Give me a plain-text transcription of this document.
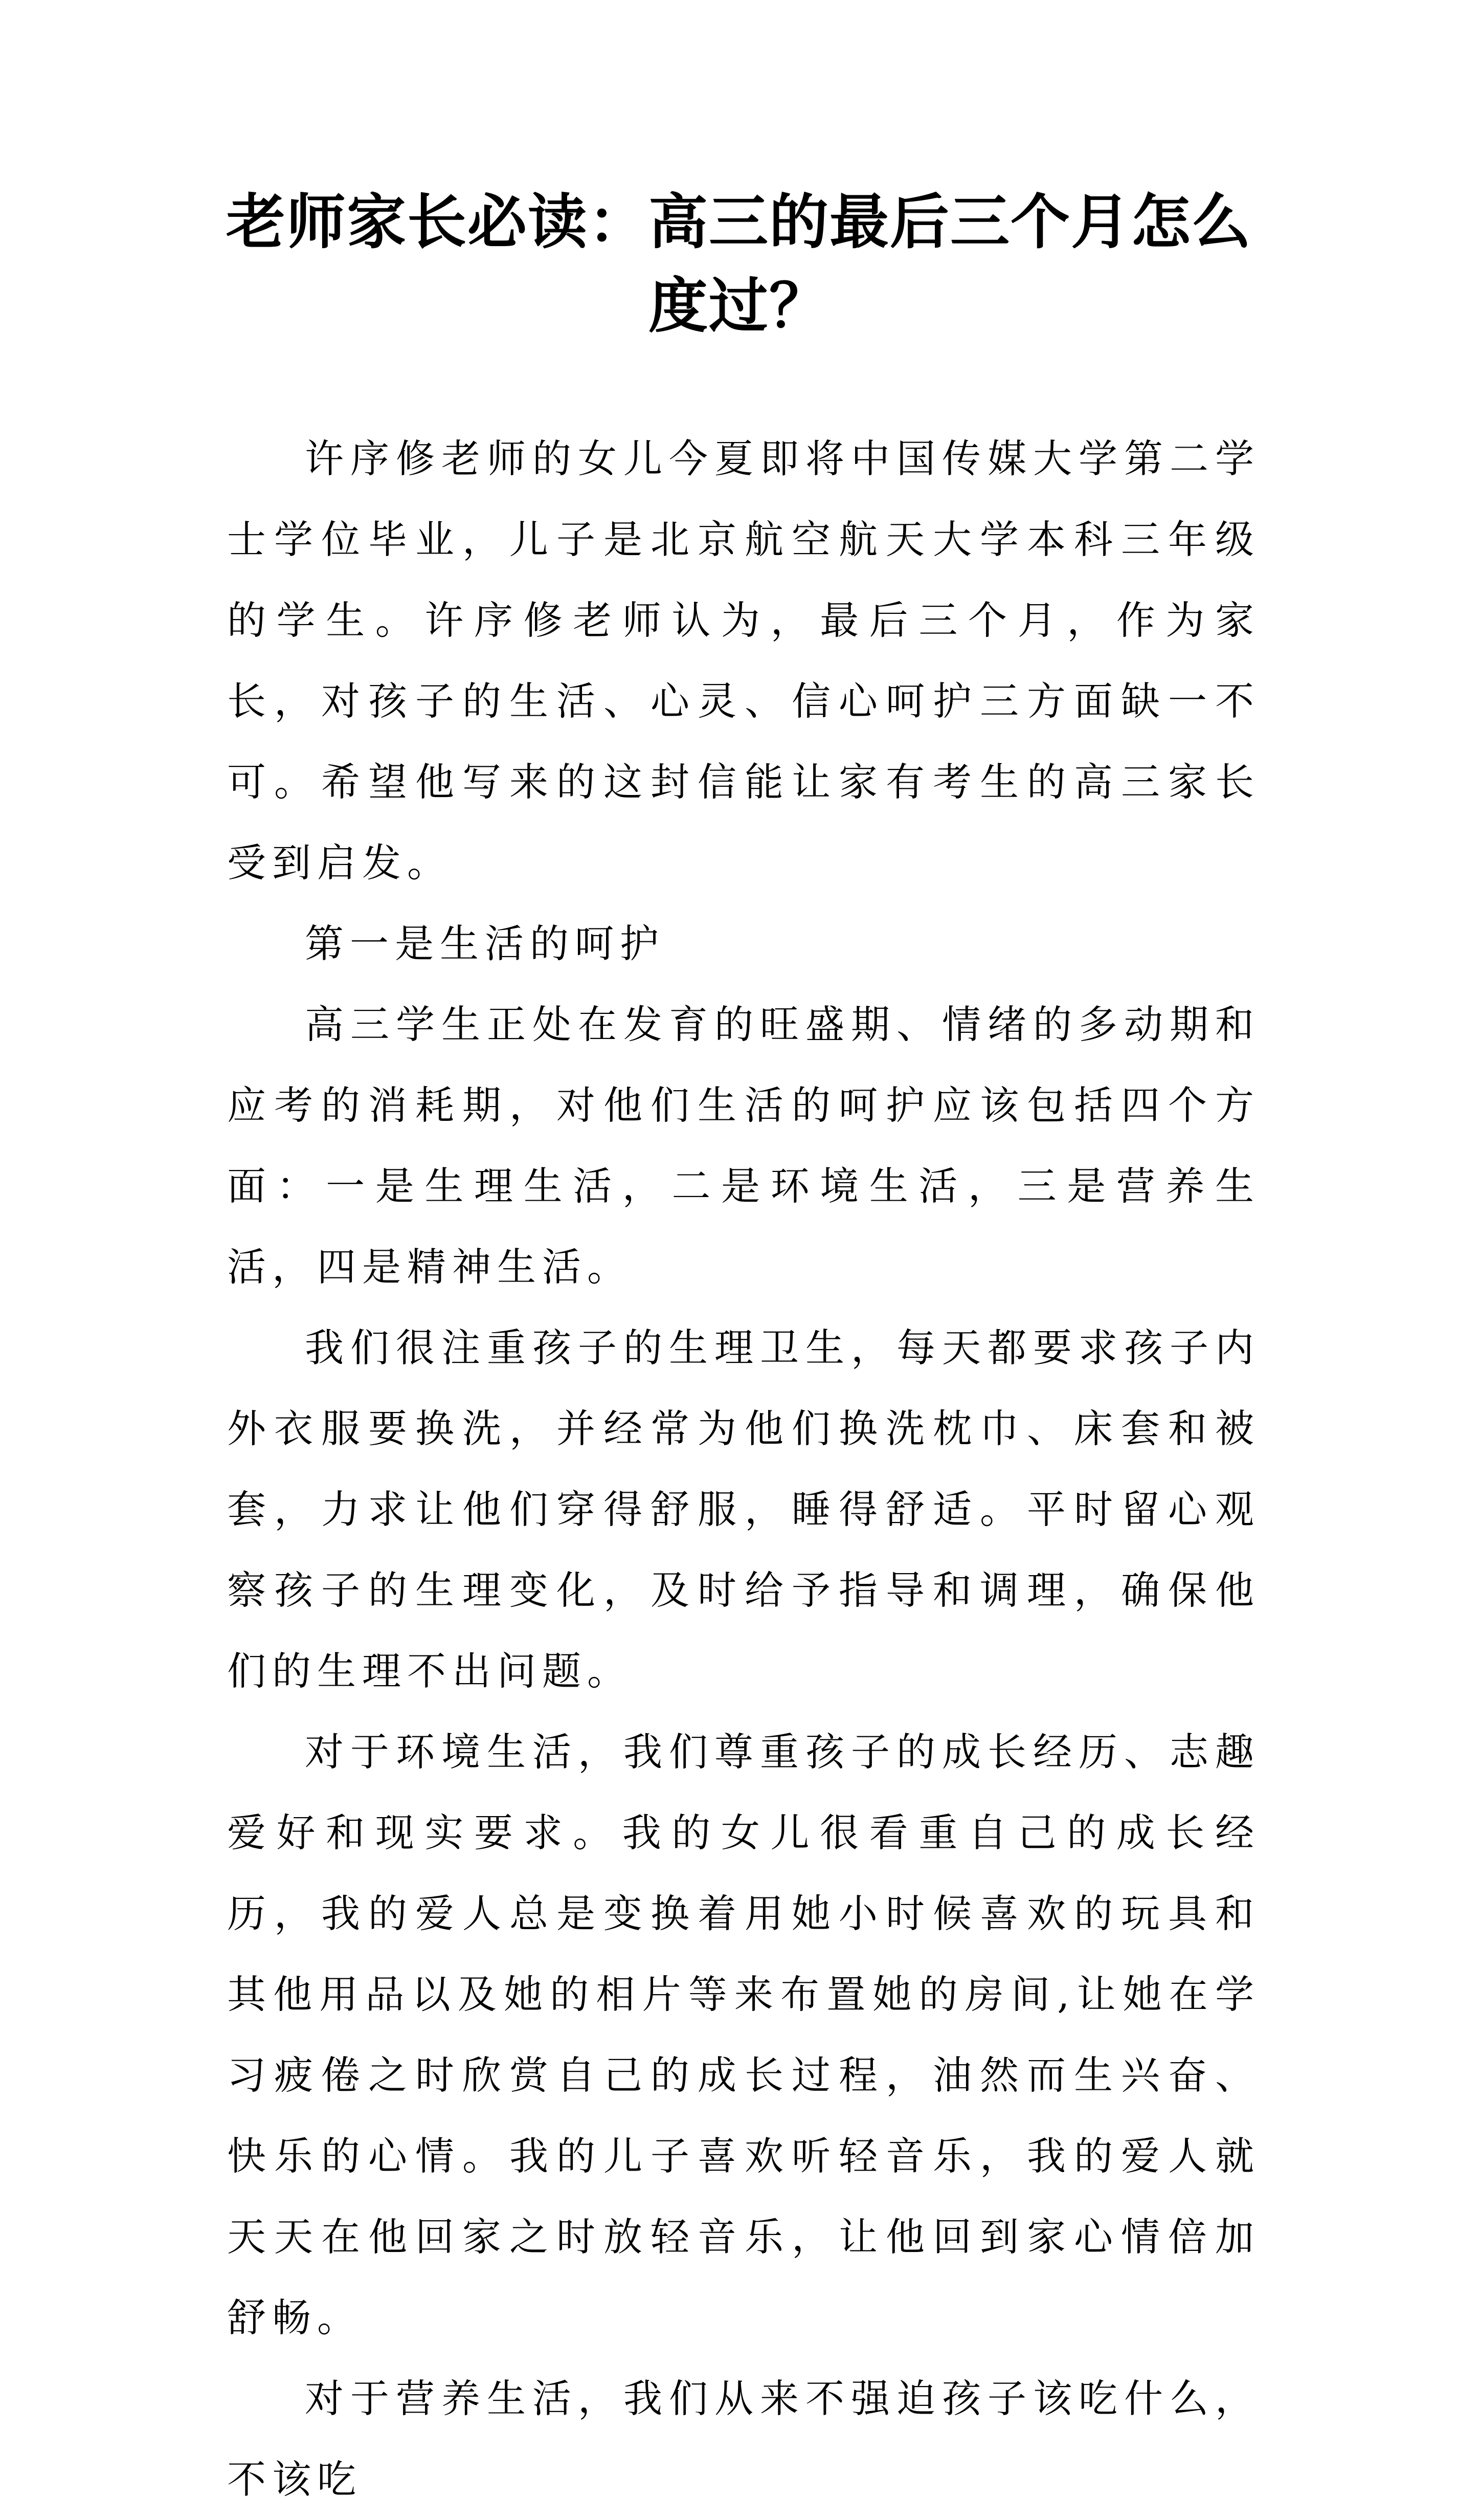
老师家长必读：高三的最后三个月怎么度过？

许序修老师的女儿今夏即将中国传媒大学第二学士学位毕业，儿子是北京航空航天大学本科三年级的学生。许序修老师认为，最后三个月，作为家长，对孩子的生活、心灵、信心呵护三方面缺一不可。希望他写来的这封信能让家有考生的高三家长受到启发。

第一是生活的呵护

高三学生正处在发育的旺盛期、情绪的多动期和应考的消耗期，对他们生活的呵护应该包括四个方面：一是生理生活，二是环境生活，三是营养生活，四是精神生活。

我们很注重孩子的生理卫生，每天都要求孩子内外衣服要换洗，并经常为他们换洗枕巾、床套和被套，力求让他们穿得舒服，睡得舒适。平时留心观察孩子的生理变化，及时给予指导和调理，确保他们的生理不出问题。

对于环境生活，我们尊重孩子的成长经历、志趣爱好和现实要求。我的女儿很看重自己的成长经历，我的爱人总是变换着用她小时候喜欢的玩具和其他用品以及她的相片等来布置她的房间,让她在学习疲倦之时欣赏自己的成长过程，油然而生兴奋、快乐的心情。我的儿子喜欢听轻音乐，我的爱人就天天在他回家之时放轻音乐，让他回到家心情倍加舒畅。

对于营养生活，我们从来不强迫孩子该吃什么，不该吃
